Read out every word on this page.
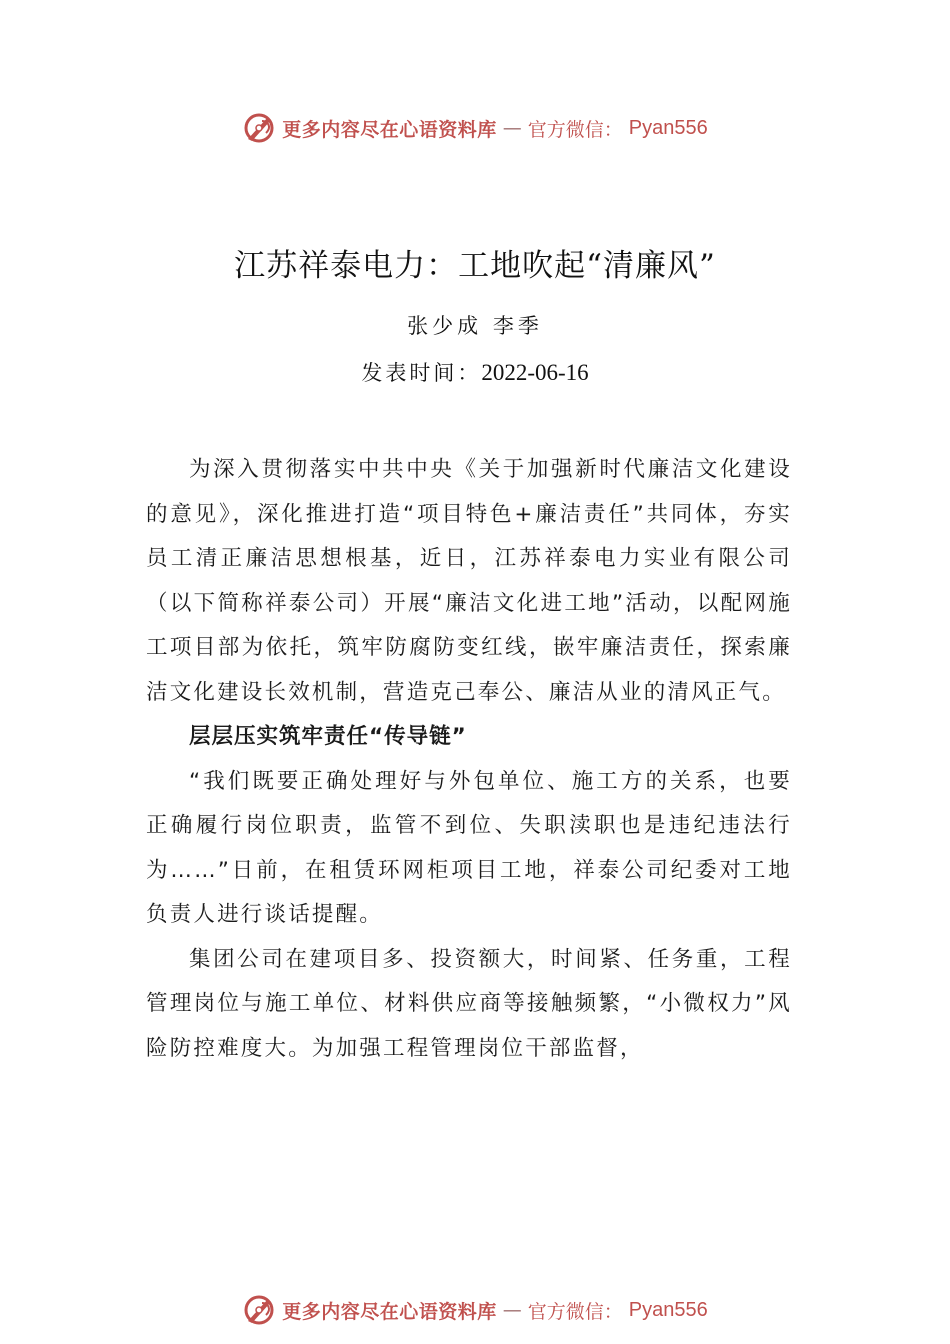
更多内容尽在心语资料库 — 官方微信： Pyan556
江苏祥泰电力：工地吹起“清廉风”
张少成 李季
发表时间：2022-06-16

为深入贯彻落实中共中央《关于加强新时代廉洁文化建设的意见》，深化推进打造“项目特色+廉洁责任”共同体，夯实员工清正廉洁思想根基，近日，江苏祥泰电力实业有限公司（以下简称祥泰公司）开展“廉洁文化进工地”活动，以配网施工项目部为依托，筑牢防腐防变红线，嵌牢廉洁责任，探索廉洁文化建设长效机制，营造克己奉公、廉洁从业的清风正气。

层层压实筑牢责任“传导链”

“我们既要正确处理好与外包单位、施工方的关系，也要正确履行岗位职责，监管不到位、失职渎职也是违纪违法行为……”日前，在租赁环网柜项目工地，祥泰公司纪委对工地负责人进行谈话提醒。

集团公司在建项目多、投资额大，时间紧、任务重，工程管理岗位与施工单位、材料供应商等接触频繁，“小微权力”风险防控难度大。为加强工程管理岗位干部监督，

更多内容尽在心语资料库 — 官方微信： Pyan556
